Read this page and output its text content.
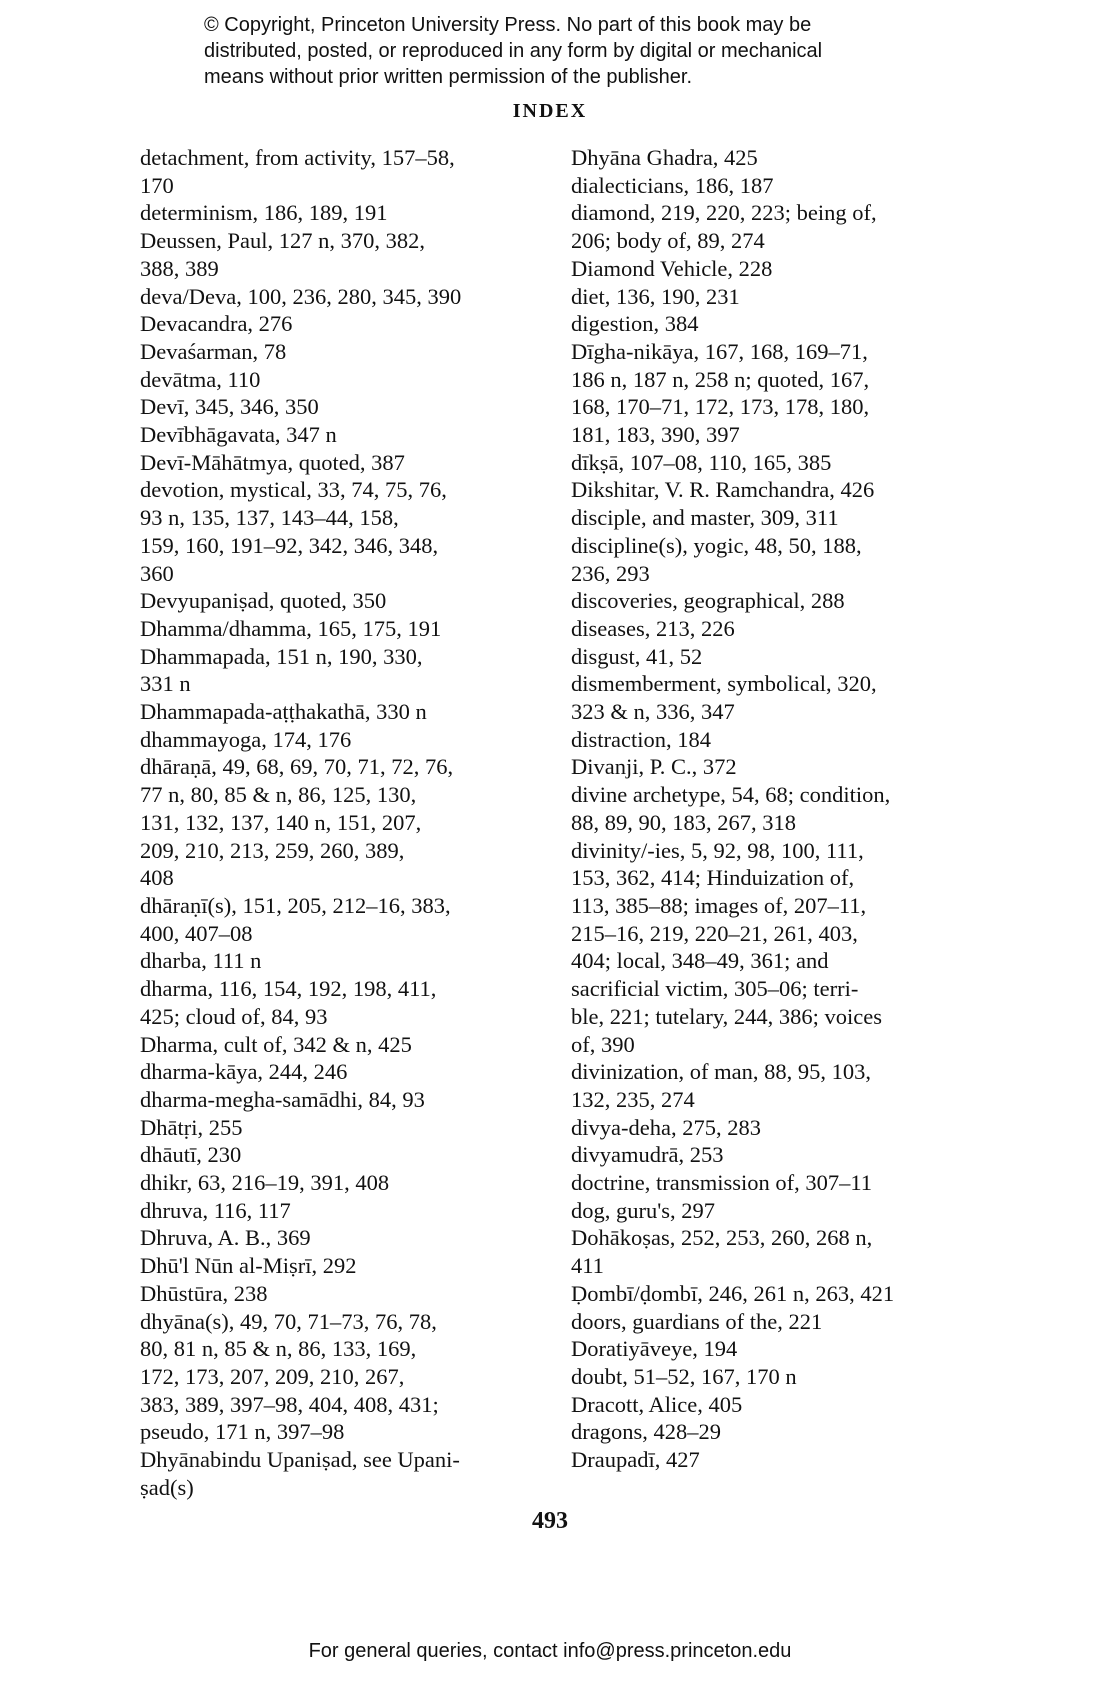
© Copyright, Princeton University Press. No part of this book may be
distributed, posted, or reproduced in any form by digital or mechanical
means without prior written permission of the publisher.
INDEX
detachment, from activity, 157–58,
170
determinism, 186, 189, 191
Deussen, Paul, 127 n, 370, 382,
388, 389
deva/Deva, 100, 236, 280, 345, 390
Devacandra, 276
Devaśarman, 78
devātma, 110
Devī, 345, 346, 350
Devībhāgavata, 347 n
Devī-Māhātmya, quoted, 387
devotion, mystical, 33, 74, 75, 76,
93 n, 135, 137, 143–44, 158,
159, 160, 191–92, 342, 346, 348,
360
Devyupaniṣad, quoted, 350
Dhamma/dhamma, 165, 175, 191
Dhammapada, 151 n, 190, 330,
331 n
Dhammapada-aṭṭhakathā, 330 n
dhammayoga, 174, 176
dhāraṇā, 49, 68, 69, 70, 71, 72, 76,
77 n, 80, 85 & n, 86, 125, 130,
131, 132, 137, 140 n, 151, 207,
209, 210, 213, 259, 260, 389,
408
dhāraṇī(s), 151, 205, 212–16, 383,
400, 407–08
dharba, 111 n
dharma, 116, 154, 192, 198, 411,
425; cloud of, 84, 93
Dharma, cult of, 342 & n, 425
dharma-kāya, 244, 246
dharma-megha-samādhi, 84, 93
Dhātṛi, 255
dhāutī, 230
dhikr, 63, 216–19, 391, 408
dhruva, 116, 117
Dhruva, A. B., 369
Dhū'l Nūn al-Miṣrī, 292
Dhūstūra, 238
dhyāna(s), 49, 70, 71–73, 76, 78,
80, 81 n, 85 & n, 86, 133, 169,
172, 173, 207, 209, 210, 267,
383, 389, 397–98, 404, 408, 431;
pseudo, 171 n, 397–98
Dhyānabindu Upaniṣad, see Upani-
ṣad(s)
Dhyāna Ghadra, 425
dialecticians, 186, 187
diamond, 219, 220, 223; being of,
206; body of, 89, 274
Diamond Vehicle, 228
diet, 136, 190, 231
digestion, 384
Dīgha-nikāya, 167, 168, 169–71,
186 n, 187 n, 258 n; quoted, 167,
168, 170–71, 172, 173, 178, 180,
181, 183, 390, 397
dīkṣā, 107–08, 110, 165, 385
Dikshitar, V. R. Ramchandra, 426
disciple, and master, 309, 311
discipline(s), yogic, 48, 50, 188,
236, 293
discoveries, geographical, 288
diseases, 213, 226
disgust, 41, 52
dismemberment, symbolical, 320,
323 & n, 336, 347
distraction, 184
Divanji, P. C., 372
divine archetype, 54, 68; condition,
88, 89, 90, 183, 267, 318
divinity/-ies, 5, 92, 98, 100, 111,
153, 362, 414; Hinduization of,
113, 385–88; images of, 207–11,
215–16, 219, 220–21, 261, 403,
404; local, 348–49, 361; and
sacrificial victim, 305–06; terri-
ble, 221; tutelary, 244, 386; voices
of, 390
divinization, of man, 88, 95, 103,
132, 235, 274
divya-deha, 275, 283
divyamudrā, 253
doctrine, transmission of, 307–11
dog, guru's, 297
Dohākoṣas, 252, 253, 260, 268 n,
411
Ḍombī/ḍombī, 246, 261 n, 263, 421
doors, guardians of the, 221
Doratiyāveye, 194
doubt, 51–52, 167, 170 n
Dracott, Alice, 405
dragons, 428–29
Draupadī, 427
493
For general queries, contact info@press.princeton.edu
